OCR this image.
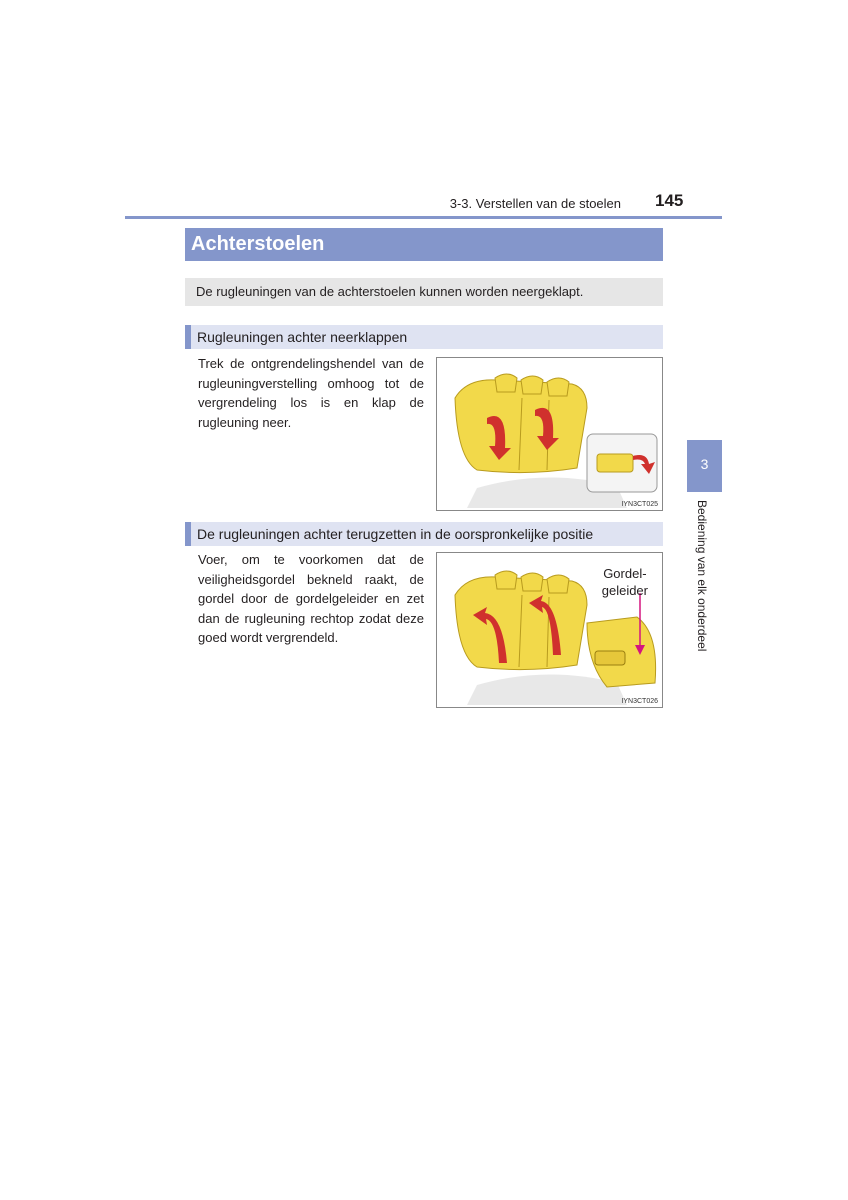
3-3. Verstellen van de stoelen 145
Achterstoelen
De rugleuningen van de achterstoelen kunnen worden neergeklapt.
Rugleuningen achter neerklappen
Trek de ontgrendelingshendel van de rugleuningverstelling omhoog tot de vergrendeling los is en klap de rugleuning neer.
IYN3CT025
De rugleuningen achter terugzetten in de oorspronkelijke positie
Voer, om te voorkomen dat de veiligheidsgordel bekneld raakt, de gordel door de gordelgeleider en zet dan de rugleuning rechtop zodat deze goed wordt vergrendeld.
Gordel-
geleider
IYN3CT026
3
Bediening van elk onderdeel
